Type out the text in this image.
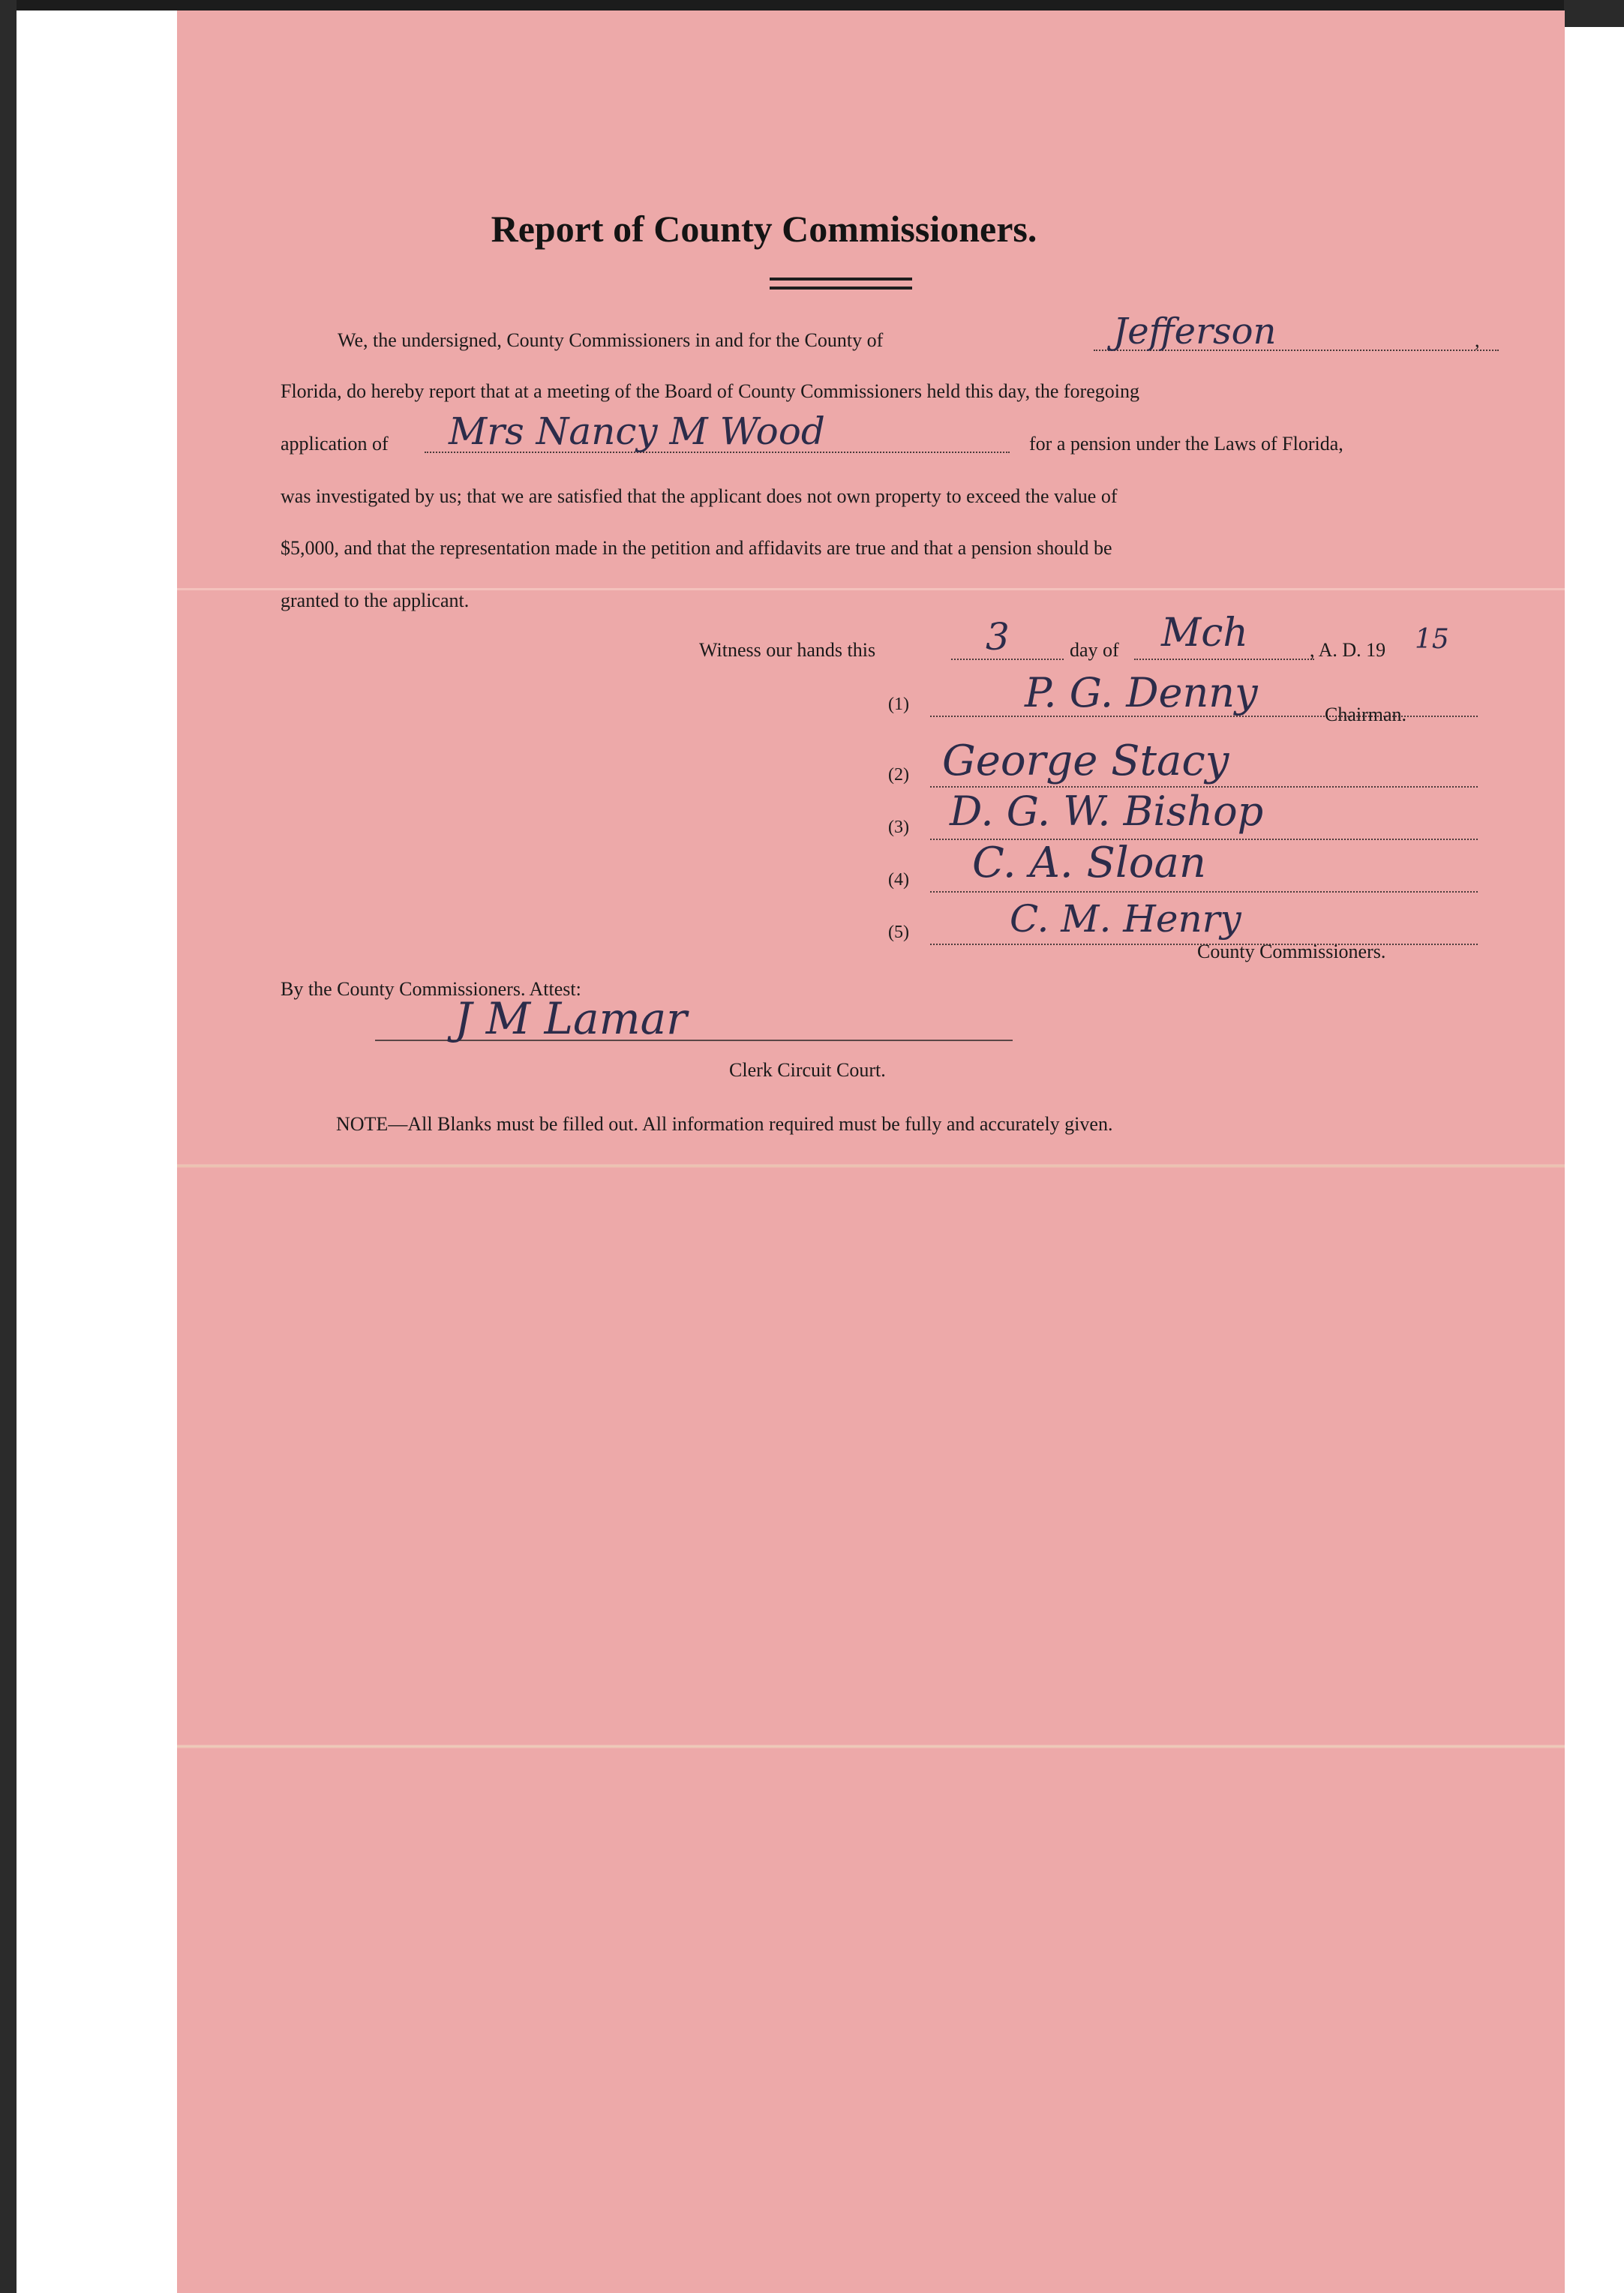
Report of County Commissioners.
We, the undersigned, County Commissioners in and for the County of	Jefferson	,
Florida, do hereby report that at a meeting of the Board of County Commissioners held this day, the foregoing
application of Mrs Nancy M Wood	for a pension under the Laws of Florida,
was investigated by us; that we are satisfied that the applicant does not own property to exceed the value of
$5,000, and that the representation made in the petition and affidavits are true and that a pension should be
granted to the applicant.
Witness our hands this	3	day of Mch	, A. D. 19 15
(1)	P. G. Denny	Chairman.
(2) George Stacy
(3) D. G. W. Bishop
(4) C. A. Sloan
(5)	C. M. Henry
County Commissioners.
By the County Commissioners. Attest:
J M Lamar
Clerk Circuit Court.
NOTE—All Blanks must be filled out. All information required must be fully and accurately given.
